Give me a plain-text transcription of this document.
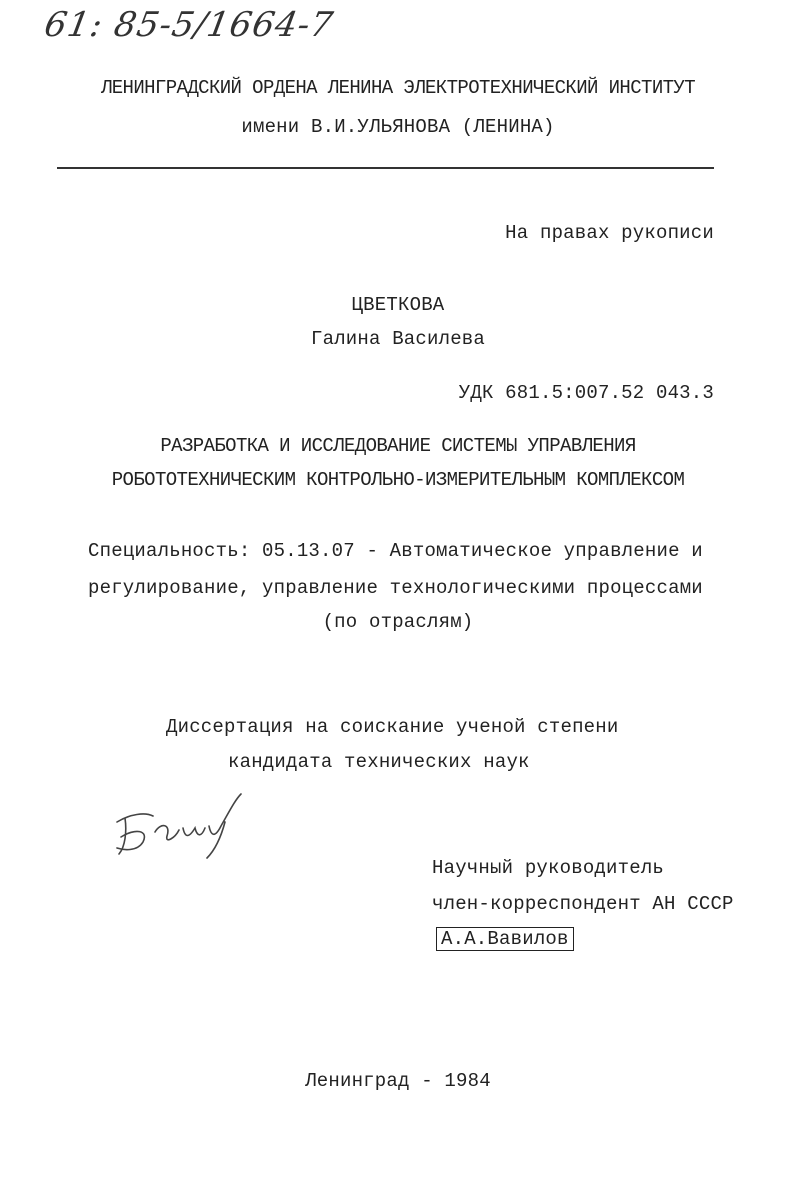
61: 85-5/1664-7
ЛЕНИНГРАДСКИЙ ОРДЕНА ЛЕНИНА ЭЛЕКТРОТЕХНИЧЕСКИЙ ИНСТИТУТ
имени В.И.УЛЬЯНОВА (ЛЕНИНА)
На правах рукописи
ЦВЕТКОВА
Галина Василева
УДК 681.5:007.52 043.3
РАЗРАБОТКА И ИССЛЕДОВАНИЕ СИСТЕМЫ УПРАВЛЕНИЯ
РОБОТОТЕХНИЧЕСКИМ КОНТРОЛЬНО-ИЗМЕРИТЕЛЬНЫМ КОМПЛЕКСОМ
Специальность: 05.13.07 - Автоматическое управление и
регулирование, управление технологическими процессами
(по отраслям)
Диссертация на соискание ученой степени
кандидата технических наук
Научный руководитель
член-корреспондент АН СССР
А.А.Вавилов
Ленинград - 1984
